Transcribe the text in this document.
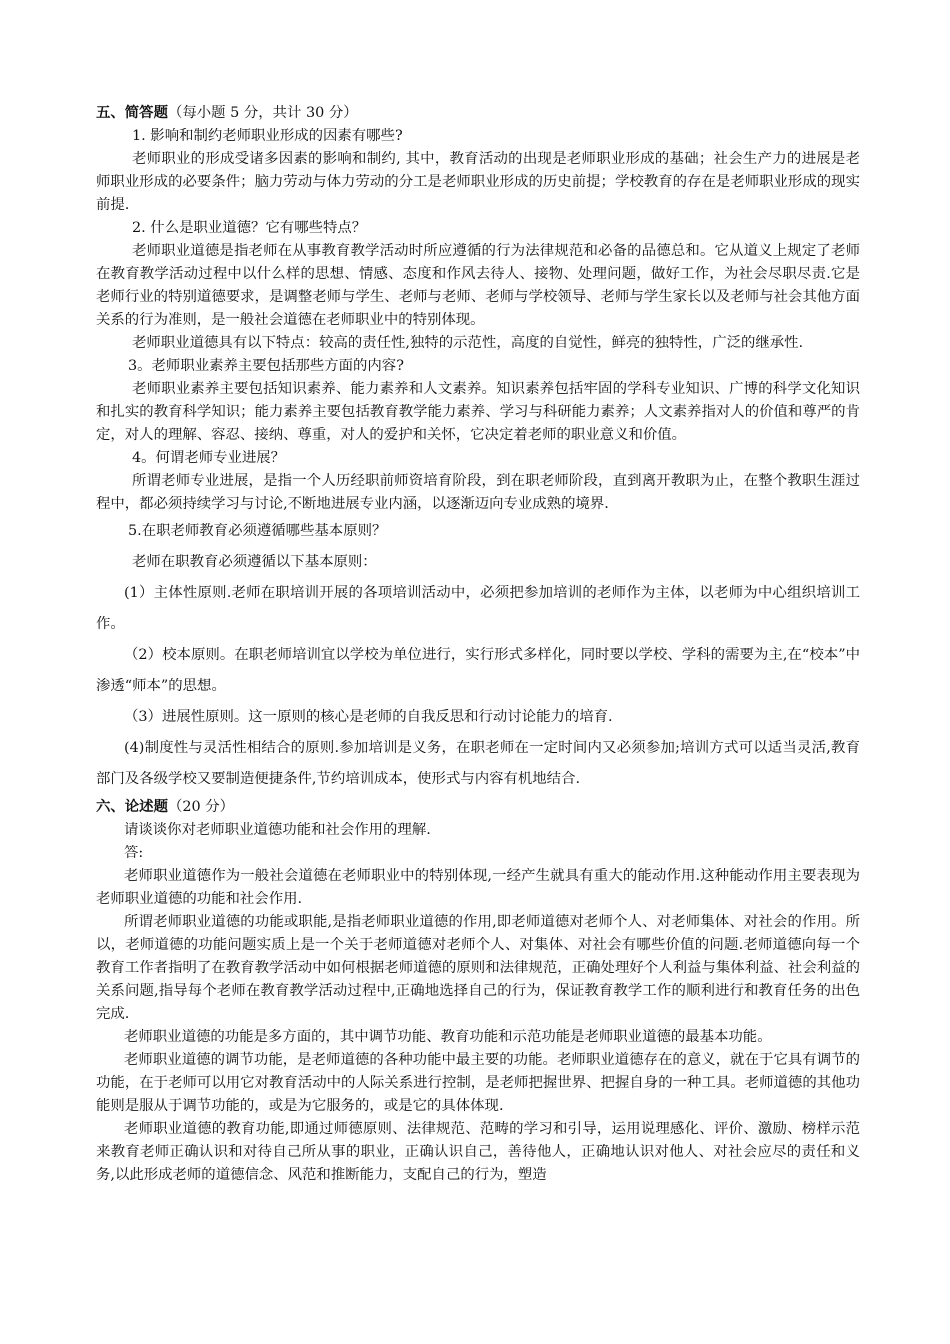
五、简答题（每小题 5 分，共计 30 分）

1. 影响和制约老师职业形成的因素有哪些?

老师职业的形成受诸多因素的影响和制约, 其中，教育活动的出现是老师职业形成的基础；社会生产力的进展是老师职业形成的必要条件；脑力劳动与体力劳动的分工是老师职业形成的历史前提；学校教育的存在是老师职业形成的现实前提.

2. 什么是职业道德？它有哪些特点？

老师职业道德是指老师在从事教育教学活动时所应遵循的行为法律规范和必备的品德总和。它从道义上规定了老师在教育教学活动过程中以什么样的思想、情感、态度和作风去待人、接物、处理问题，做好工作，为社会尽职尽责.它是老师行业的特别道德要求，是调整老师与学生、老师与老师、老师与学校领导、老师与学生家长以及老师与社会其他方面关系的行为准则，是一般社会道德在老师职业中的特别体现。

老师职业道德具有以下特点：较高的责任性,独特的示范性，高度的自觉性，鲜亮的独特性，广泛的继承性.

3。老师职业素养主要包括那些方面的内容?

老师职业素养主要包括知识素养、能力素养和人文素养。知识素养包括牢固的学科专业知识、广博的科学文化知识和扎实的教育科学知识；能力素养主要包括教育教学能力素养、学习与科研能力素养；人文素养指对人的价值和尊严的肯定，对人的理解、容忍、接纳、尊重，对人的爱护和关怀，它决定着老师的职业意义和价值。

4。何谓老师专业进展？

所谓老师专业进展，是指一个人历经职前师资培育阶段，到在职老师阶段，直到离开教职为止，在整个教职生涯过程中，都必须持续学习与讨论,不断地进展专业内涵，以逐渐迈向专业成熟的境界.

5.在职老师教育必须遵循哪些基本原则？

老师在职教育必须遵循以下基本原则：

(1）主体性原则.老师在职培训开展的各项培训活动中，必须把参加培训的老师作为主体，以老师为中心组织培训工作。

（2）校本原则。在职老师培训宜以学校为单位进行，实行形式多样化，同时要以学校、学科的需要为主,在“校本”中渗透“师本”的思想。

（3）进展性原则。这一原则的核心是老师的自我反思和行动讨论能力的培育.

(4)制度性与灵活性相结合的原则.参加培训是义务，在职老师在一定时间内又必须参加;培训方式可以适当灵活,教育部门及各级学校又要制造便捷条件,节约培训成本，使形式与内容有机地结合.

六、论述题（20 分）

请谈谈你对老师职业道德功能和社会作用的理解.

答:

老师职业道德作为一般社会道德在老师职业中的特别体现,一经产生就具有重大的能动作用.这种能动作用主要表现为老师职业道德的功能和社会作用.

所谓老师职业道德的功能或职能,是指老师职业道德的作用,即老师道德对老师个人、对老师集体、对社会的作用。所以，老师道德的功能问题实质上是一个关于老师道德对老师个人、对集体、对社会有哪些价值的问题.老师道德向每一个教育工作者指明了在教育教学活动中如何根据老师道德的原则和法律规范，正确处理好个人利益与集体利益、社会利益的关系问题,指导每个老师在教育教学活动过程中,正确地选择自己的行为，保证教育教学工作的顺利进行和教育任务的出色完成.

老师职业道德的功能是多方面的，其中调节功能、教育功能和示范功能是老师职业道德的最基本功能。

老师职业道德的调节功能，是老师道德的各种功能中最主要的功能。老师职业道德存在的意义，就在于它具有调节的功能，在于老师可以用它对教育活动中的人际关系进行控制，是老师把握世界、把握自身的一种工具。老师道德的其他功能则是服从于调节功能的，或是为它服务的，或是它的具体体现.

老师职业道德的教育功能,即通过师德原则、法律规范、范畴的学习和引导，运用说理感化、评价、激励、榜样示范来教育老师正确认识和对待自己所从事的职业，正确认识自己，善待他人，正确地认识对他人、对社会应尽的责任和义务,以此形成老师的道德信念、风范和推断能力，支配自己的行为，塑造
